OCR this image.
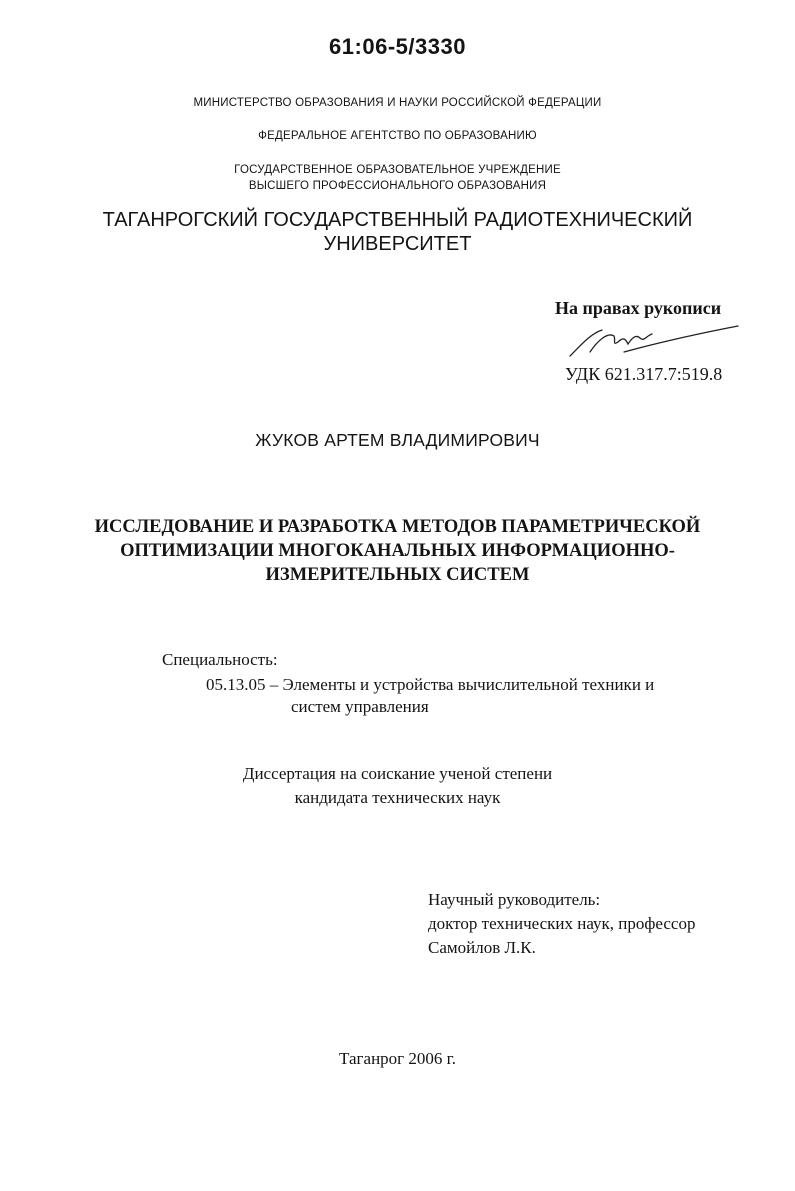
61:06-5/3330

МИНИСТЕРСТВО ОБРАЗОВАНИЯ И НАУКИ РОССИЙСКОЙ ФЕДЕРАЦИИ

ФЕДЕРАЛЬНОЕ АГЕНТСТВО ПО ОБРАЗОВАНИЮ

ГОСУДАРСТВЕННОЕ ОБРАЗОВАТЕЛЬНОЕ УЧРЕЖДЕНИЕ
ВЫСШЕГО ПРОФЕССИОНАЛЬНОГО ОБРАЗОВАНИЯ
ТАГАНРОГСКИЙ ГОСУДАРСТВЕННЫЙ РАДИОТЕХНИЧЕСКИЙ
УНИВЕРСИТЕТ

На правах рукописи

УДК 621.317.7:519.8

ЖУКОВ АРТЕМ ВЛАДИМИРОВИЧ

ИССЛЕДОВАНИЕ И РАЗРАБОТКА МЕТОДОВ ПАРАМЕТРИЧЕСКОЙ
ОПТИМИЗАЦИИ МНОГОКАНАЛЬНЫХ ИНФОРМАЦИОННО-
ИЗМЕРИТЕЛЬНЫХ СИСТЕМ

Специальность:

05.13.05 – Элементы и устройства вычислительной техники и
систем управления
Диссертация на соискание ученой степени
кандидата технических наук
Научный руководитель:
доктор технических наук, профессор
Самойлов Л.К.

Таганрог 2006 г.
